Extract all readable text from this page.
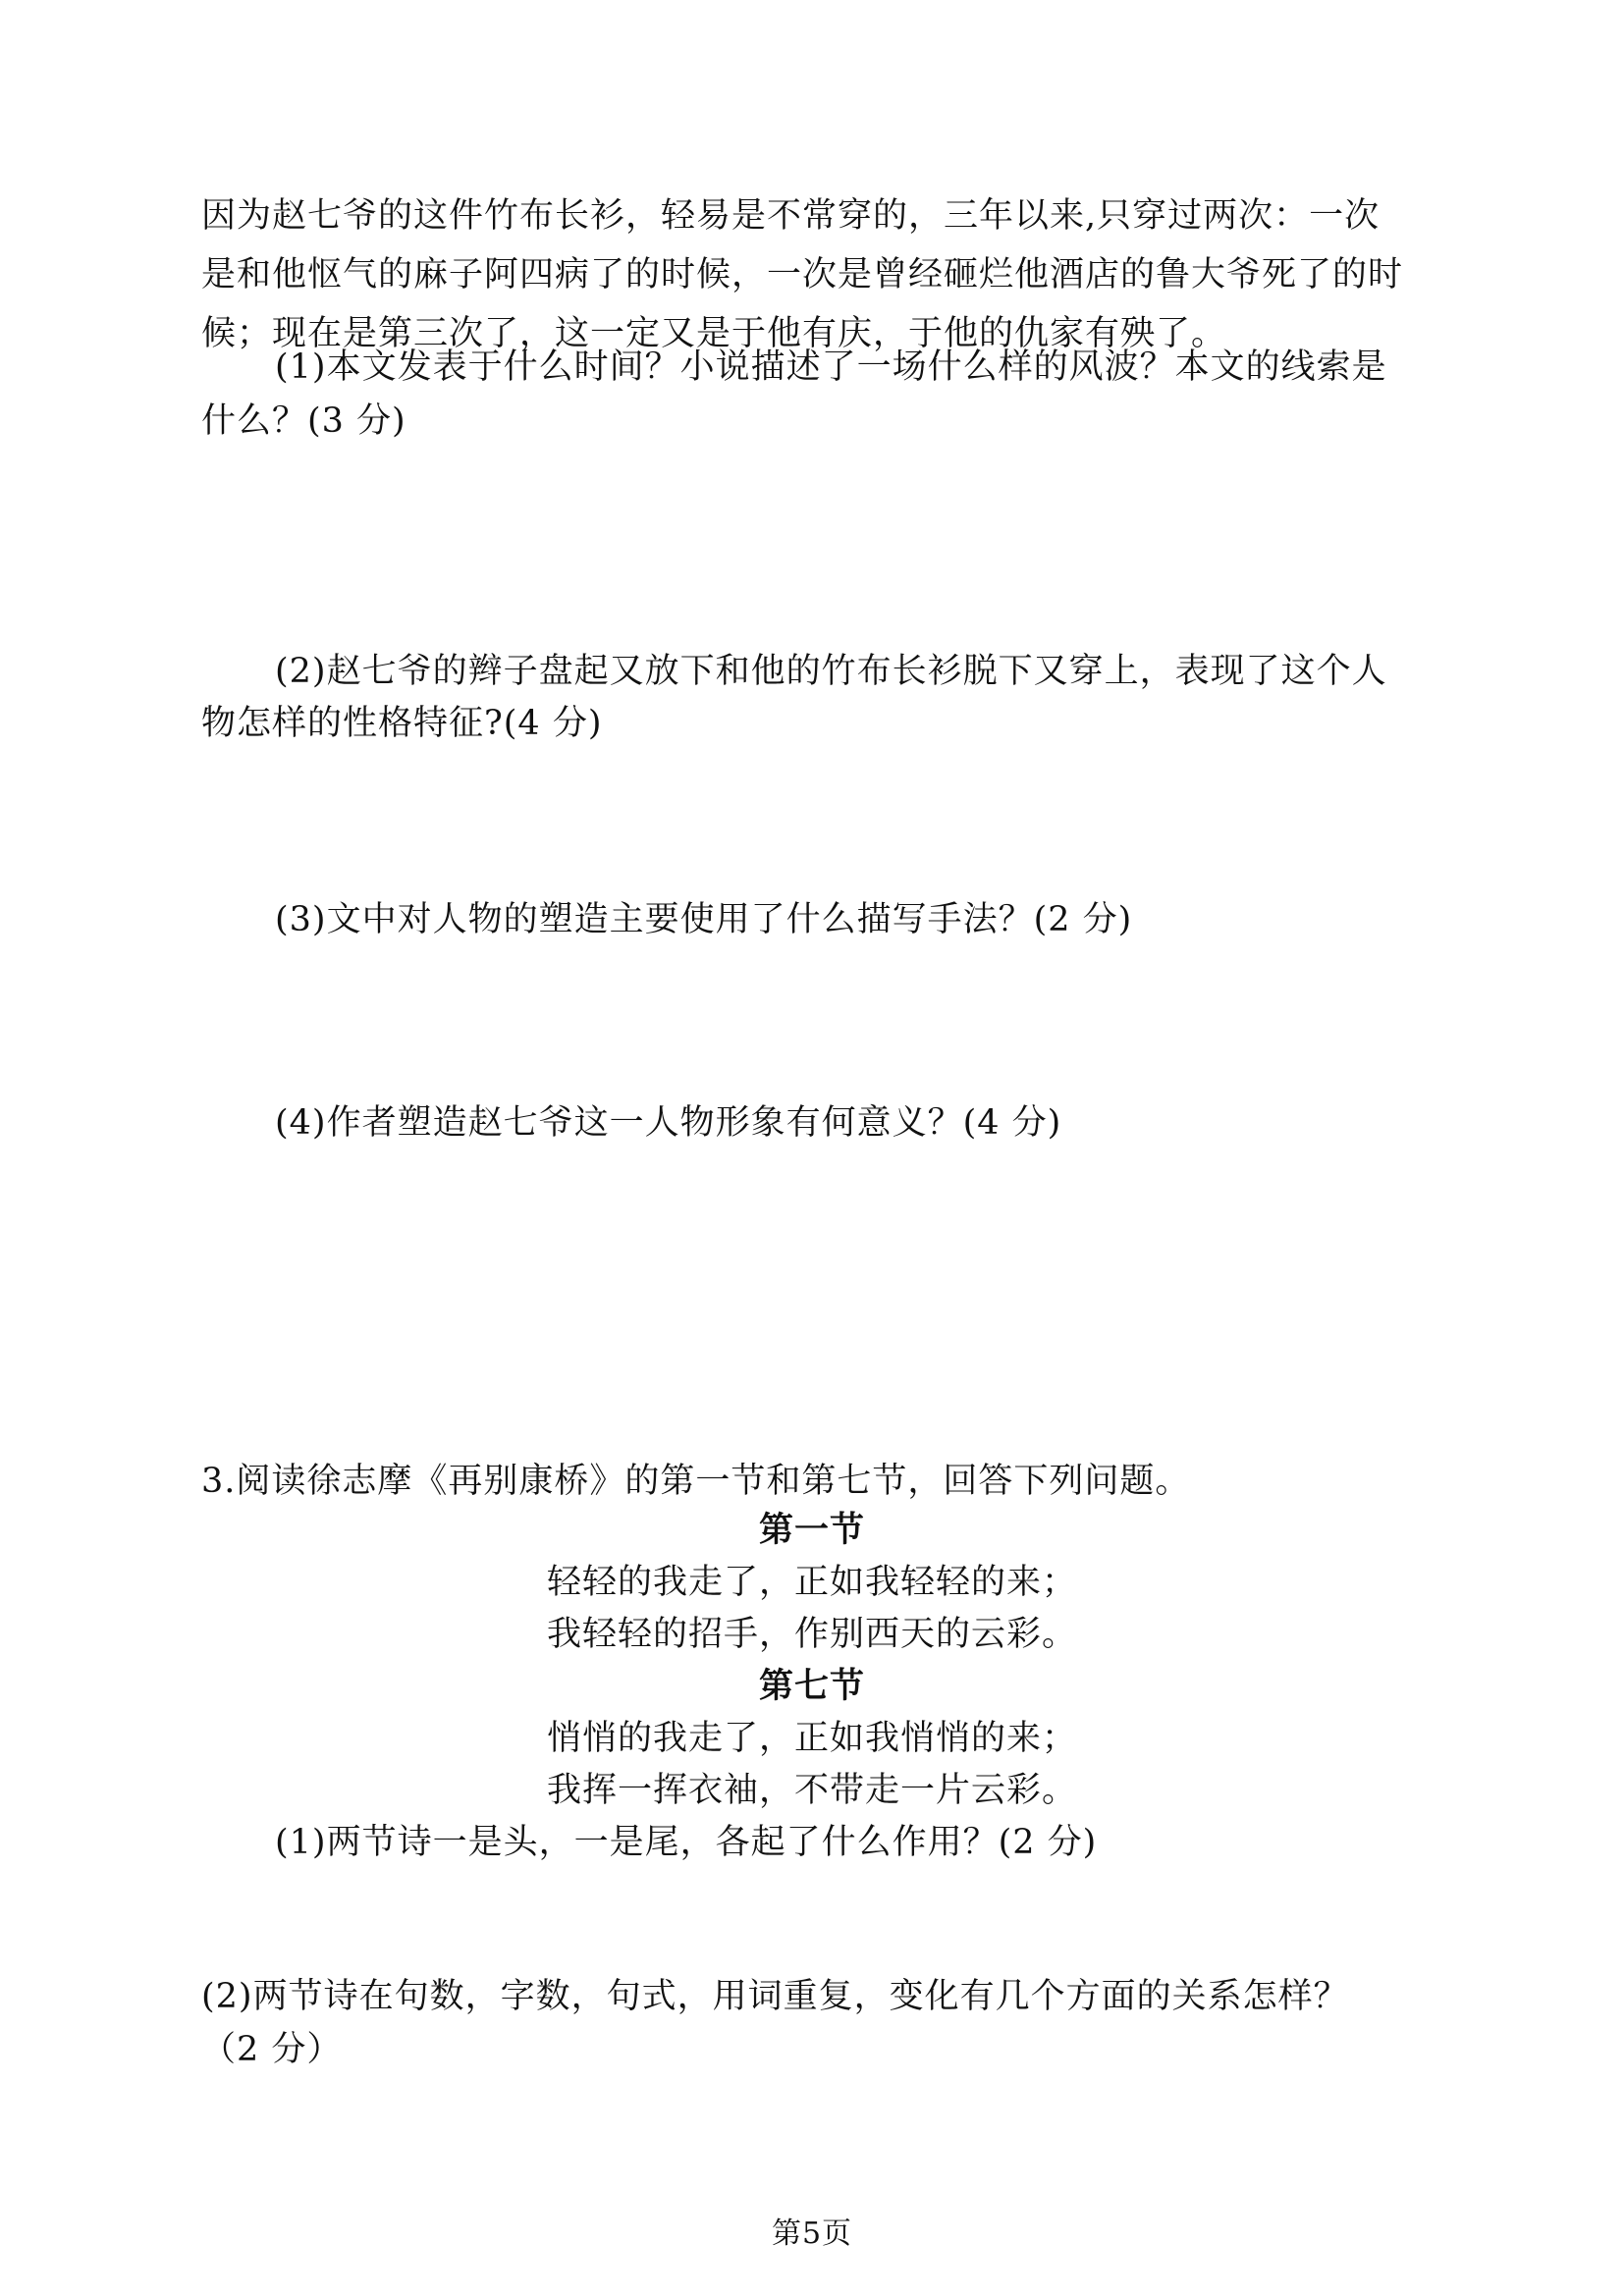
因为赵七爷的这件竹布长衫，轻易是不常穿的，三年以来,只穿过两次：一次
是和他怄气的麻子阿四病了的时候，一次是曾经砸烂他酒店的鲁大爷死了的时
候；现在是第三次了，这一定又是于他有庆，于他的仇家有殃了。
(1)本文发表于什么时间？小说描述了一场什么样的风波？本文的线索是
什么？(3 分)
(2)赵七爷的辫子盘起又放下和他的竹布长衫脱下又穿上，表现了这个人
物怎样的性格特征?(4 分)
(3)文中对人物的塑造主要使用了什么描写手法？(2 分)
(4)作者塑造赵七爷这一人物形象有何意义？(4 分)
3.阅读徐志摩《再别康桥》的第一节和第七节，回答下列问题。
第一节
轻轻的我走了，正如我轻轻的来；
我轻轻的招手，作别西天的云彩。
第七节
悄悄的我走了，正如我悄悄的来；
我挥一挥衣袖，不带走一片云彩。
(1)两节诗一是头，一是尾，各起了什么作用？(2 分)
(2)两节诗在句数，字数，句式，用词重复，变化有几个方面的关系怎样？
（2 分）
第5页
